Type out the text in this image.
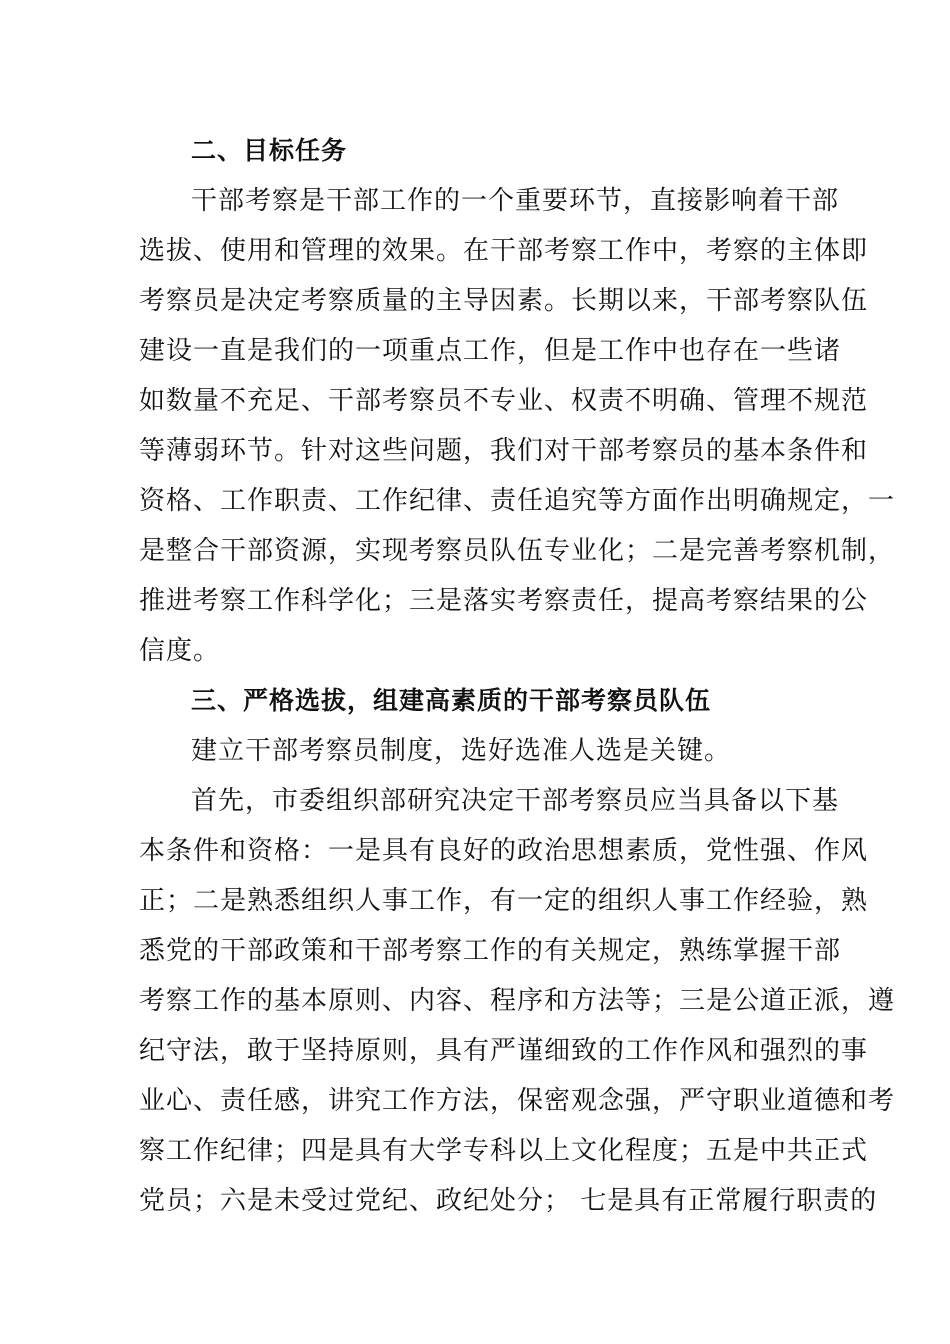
二、目标任务
干部考察是干部工作的一个重要环节，直接影响着干部
选拔、使用和管理的效果。在干部考察工作中，考察的主体即
考察员是决定考察质量的主导因素。长期以来，干部考察队伍
建设一直是我们的一项重点工作，但是工作中也存在一些诸
如数量不充足、干部考察员不专业、权责不明确、管理不规范
等薄弱环节。针对这些问题，我们对干部考察员的基本条件和
资格、工作职责、工作纪律、责任追究等方面作出明确规定，一
是整合干部资源，实现考察员队伍专业化；二是完善考察机制，
推进考察工作科学化；三是落实考察责任，提高考察结果的公
信度。
三、严格选拔，组建高素质的干部考察员队伍
建立干部考察员制度，选好选准人选是关键。
首先，市委组织部研究决定干部考察员应当具备以下基
本条件和资格：一是具有良好的政治思想素质，党性强、作风
正；二是熟悉组织人事工作，有一定的组织人事工作经验，熟
悉党的干部政策和干部考察工作的有关规定，熟练掌握干部
考察工作的基本原则、内容、程序和方法等；三是公道正派，遵
纪守法，敢于坚持原则，具有严谨细致的工作作风和强烈的事
业心、责任感，讲究工作方法，保密观念强，严守职业道德和考
察工作纪律；四是具有大学专科以上文化程度；五是中共正式
党员；六是未受过党纪、政纪处分； 七是具有正常履行职责的
